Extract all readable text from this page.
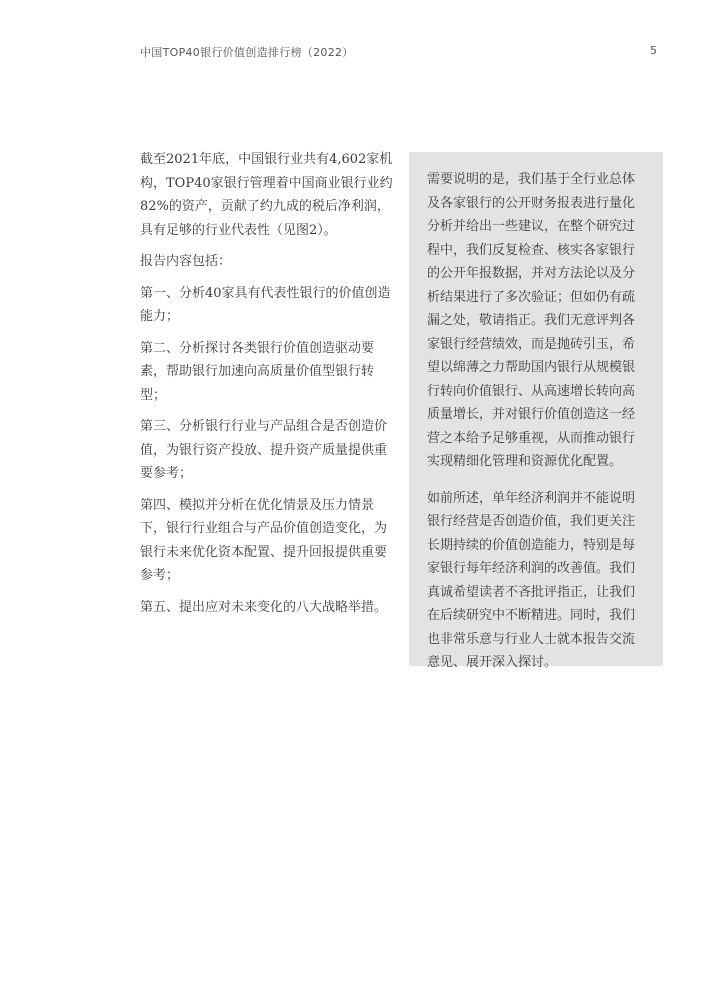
中国TOP40银行价值创造排行榜（2022）	5

截至2021年底，中国银行业共有4,602家机构，TOP40家银行管理着中国商业银行业约82%的资产，贡献了约九成的税后净利润，具有足够的行业代表性（见图2）。

报告内容包括：

第一、分析40家具有代表性银行的价值创造能力；

第二、分析探讨各类银行价值创造驱动要素，帮助银行加速向高质量价值型银行转型；

第三、分析银行行业与产品组合是否创造价值，为银行资产投放、提升资产质量提供重要参考；

第四、模拟并分析在优化情景及压力情景下，银行行业组合与产品价值创造变化，为银行未来优化资本配置、提升回报提供重要参考；

第五、提出应对未来变化的八大战略举措。

需要说明的是，我们基于全行业总体及各家银行的公开财务报表进行量化分析并给出一些建议，在整个研究过程中，我们反复检查、核实各家银行的公开年报数据，并对方法论以及分析结果进行了多次验证；但如仍有疏漏之处，敬请指正。我们无意评判各家银行经营绩效，而是抛砖引玉，希望以绵薄之力帮助国内银行从规模银行转向价值银行、从高速增长转向高质量增长，并对银行价值创造这一经营之本给予足够重视，从而推动银行实现精细化管理和资源优化配置。

如前所述，单年经济利润并不能说明银行经营是否创造价值，我们更关注长期持续的价值创造能力，特别是每家银行每年经济利润的改善值。我们真诚希望读者不吝批评指正，让我们在后续研究中不断精进。同时，我们也非常乐意与行业人士就本报告交流意见、展开深入探讨。
